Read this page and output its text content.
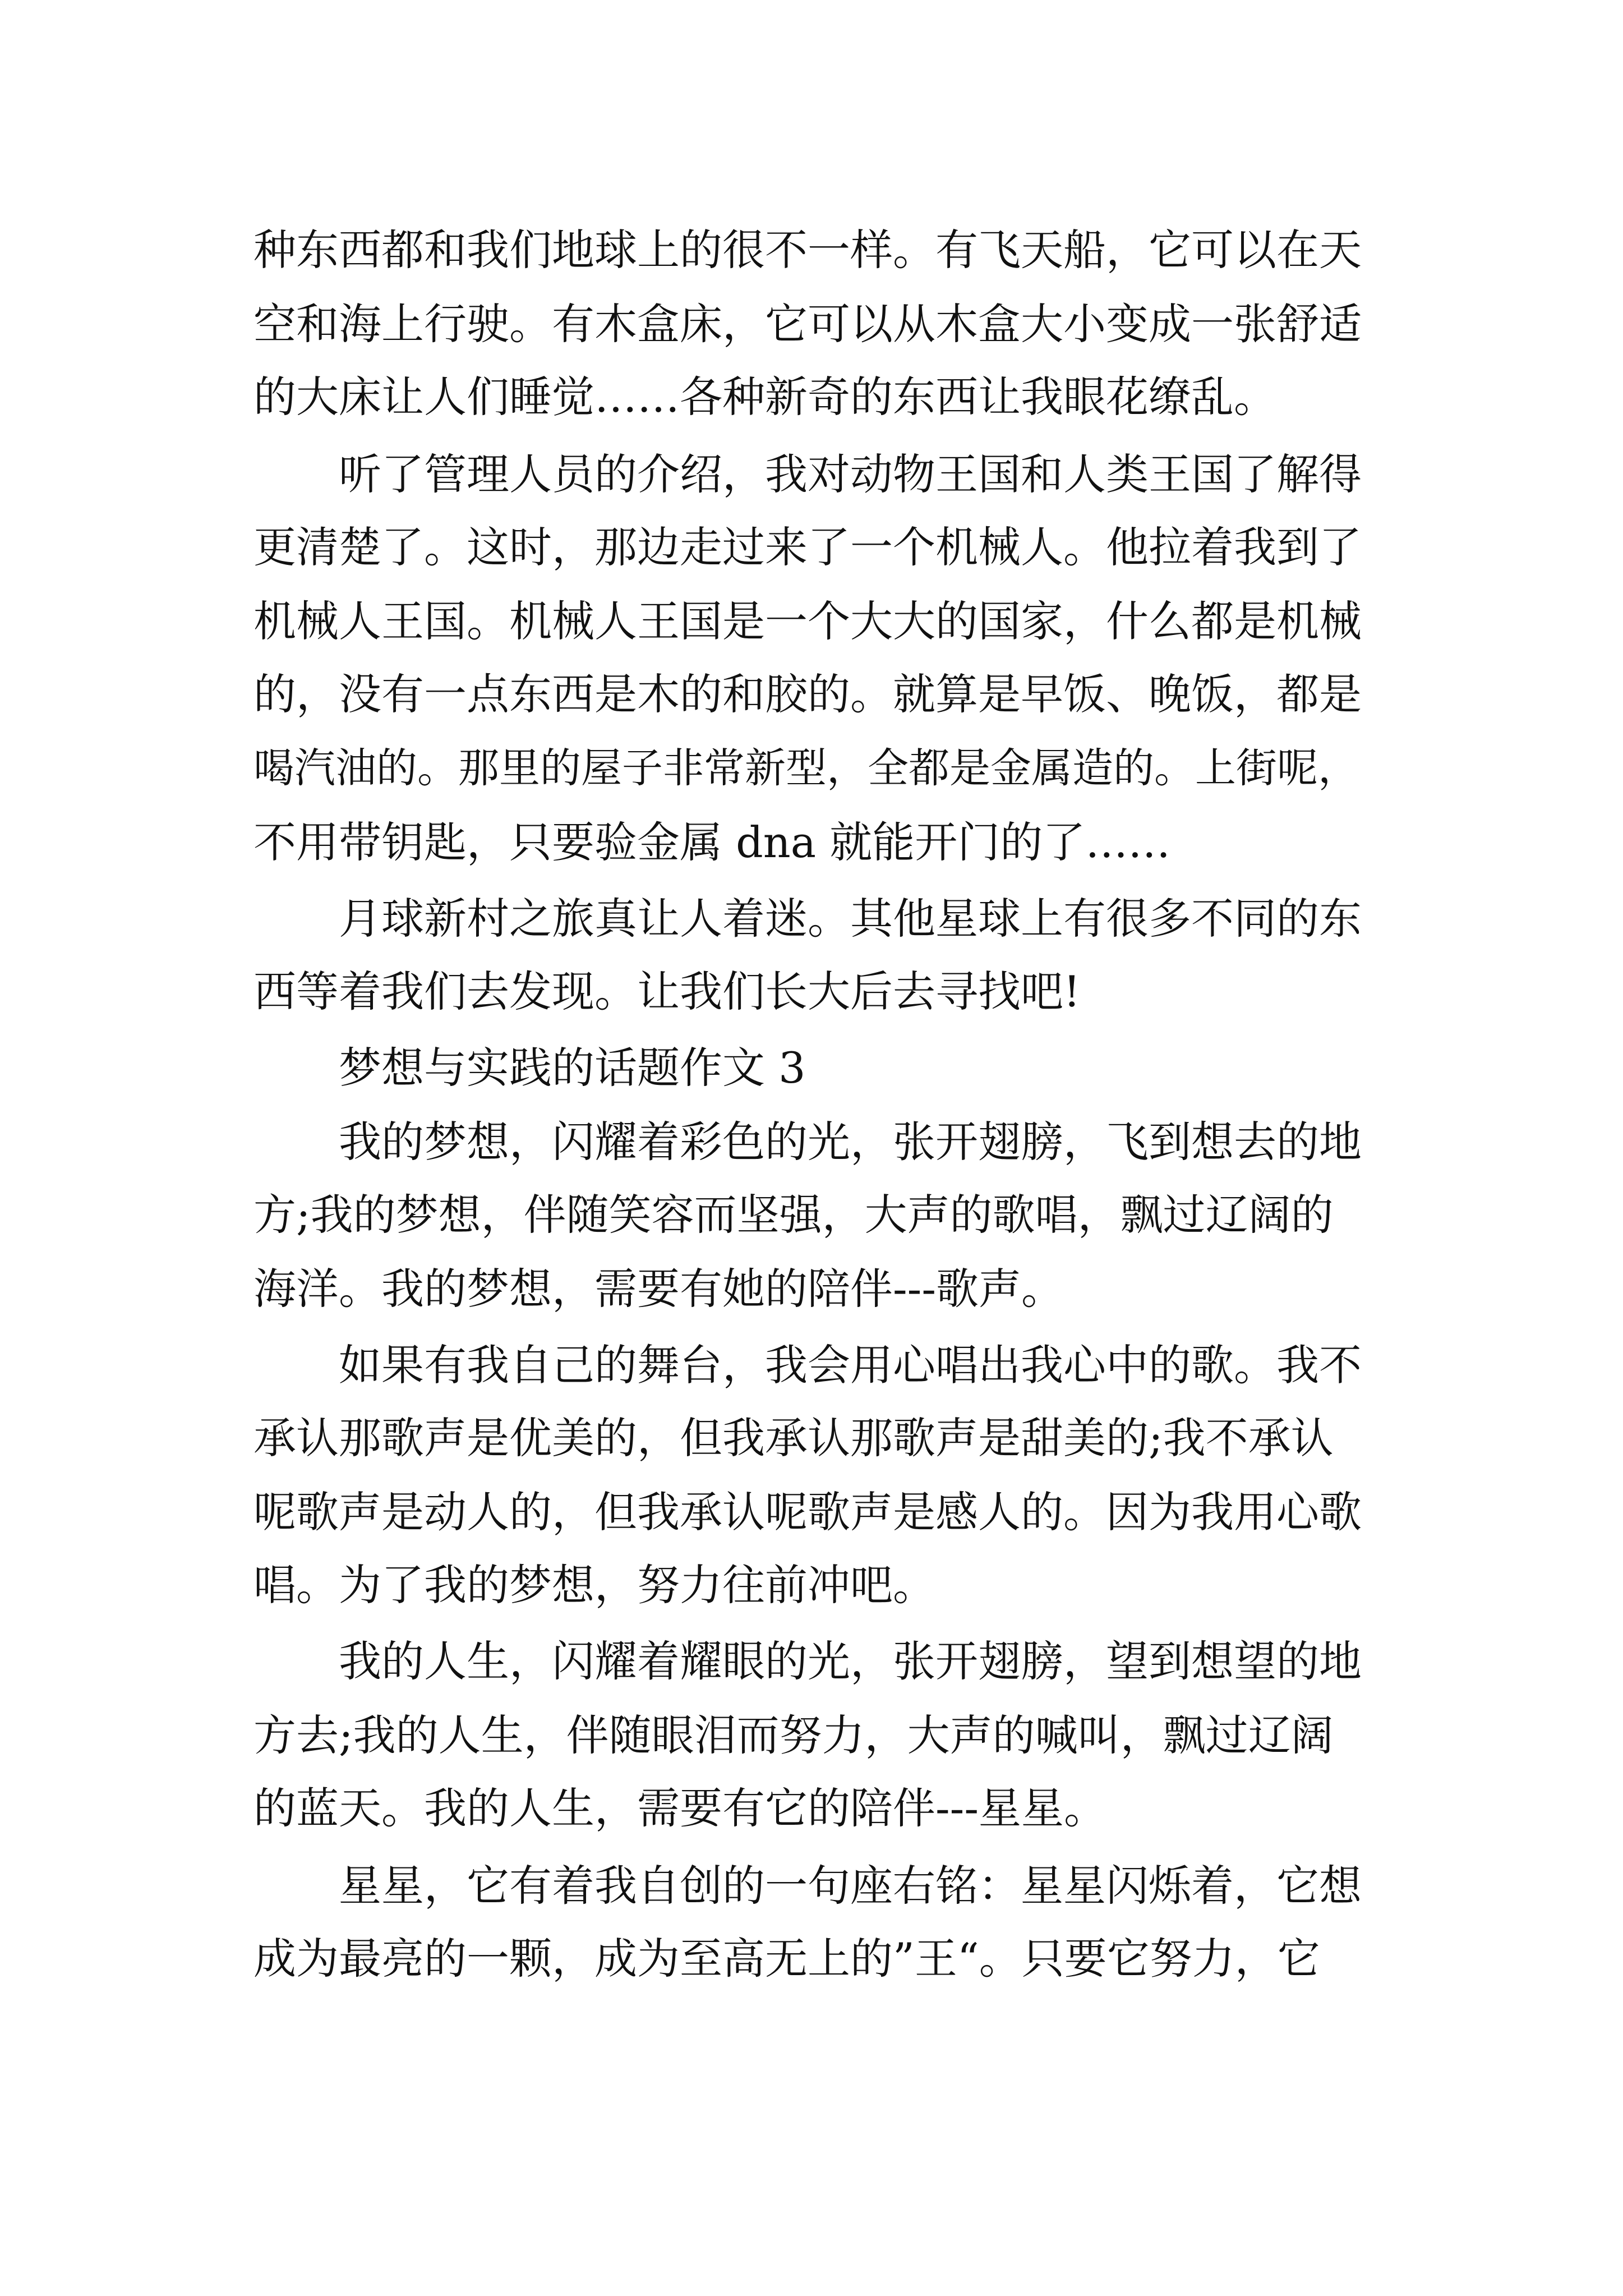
种东西都和我们地球上的很不一样。有飞天船，它可以在天

空和海上行驶。有木盒床，它可以从木盒大小变成一张舒适

的大床让人们睡觉……各种新奇的东西让我眼花缭乱。

听了管理人员的介绍，我对动物王国和人类王国了解得

更清楚了。这时，那边走过来了一个机械人。他拉着我到了

机械人王国。机械人王国是一个大大的国家，什么都是机械

的，没有一点东西是木的和胶的。就算是早饭、晚饭，都是

喝汽油的。那里的屋子非常新型，全都是金属造的。上街呢，

不用带钥匙，只要验金属 dna 就能开门的了……

月球新村之旅真让人着迷。其他星球上有很多不同的东

西等着我们去发现。让我们长大后去寻找吧!

梦想与实践的话题作文 3

我的梦想，闪耀着彩色的光，张开翅膀，飞到想去的地

方;我的梦想，伴随笑容而坚强，大声的歌唱，飘过辽阔的

海洋。我的梦想，需要有她的陪伴---歌声。

如果有我自己的舞台，我会用心唱出我心中的歌。我不

承认那歌声是优美的，但我承认那歌声是甜美的;我不承认

呢歌声是动人的，但我承认呢歌声是感人的。因为我用心歌

唱。为了我的梦想，努力往前冲吧。

我的人生，闪耀着耀眼的光，张开翅膀，望到想望的地

方去;我的人生，伴随眼泪而努力，大声的喊叫，飘过辽阔

的蓝天。我的人生，需要有它的陪伴---星星。

星星，它有着我自创的一句座右铭：星星闪烁着，它想

成为最亮的一颗，成为至高无上的”王“。只要它努力，它
